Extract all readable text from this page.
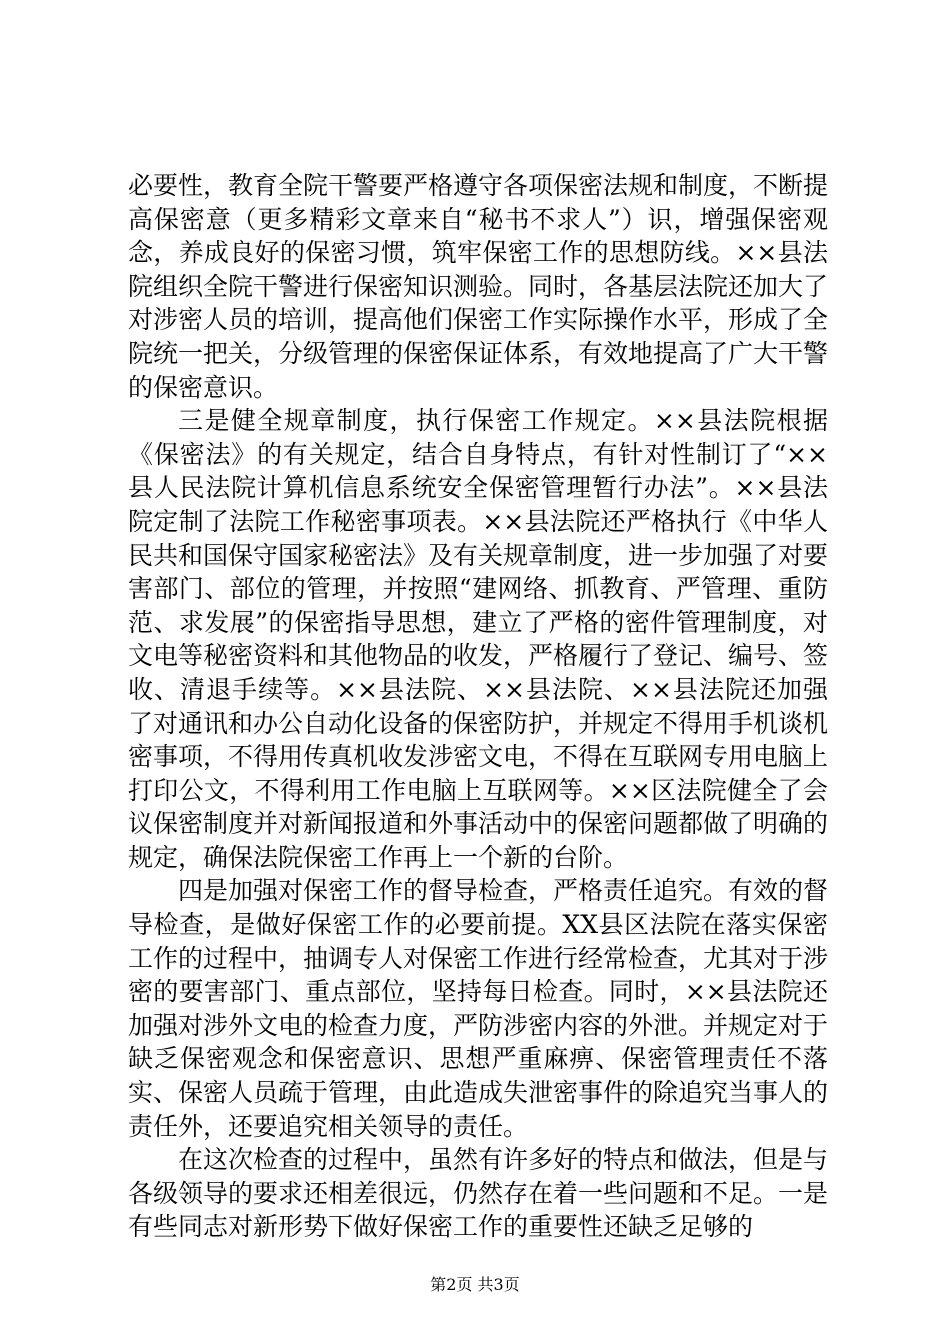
必要性，教育全院干警要严格遵守各项保密法规和制度，不断提高保密意（更多精彩文章来自“秘书不求人”）识，增强保密观念，养成良好的保密习惯，筑牢保密工作的思想防线。××县法院组织全院干警进行保密知识测验。同时，各基层法院还加大了对涉密人员的培训，提高他们保密工作实际操作水平，形成了全院统一把关，分级管理的保密保证体系，有效地提高了广大干警的保密意识。

三是健全规章制度，执行保密工作规定。××县法院根据《保密法》的有关规定，结合自身特点，有针对性制订了“××县人民法院计算机信息系统安全保密管理暂行办法”。××县法院定制了法院工作秘密事项表。××县法院还严格执行《中华人民共和国保守国家秘密法》及有关规章制度，进一步加强了对要害部门、部位的管理，并按照“建网络、抓教育、严管理、重防范、求发展”的保密指导思想，建立了严格的密件管理制度，对文电等秘密资料和其他物品的收发，严格履行了登记、编号、签收、清退手续等。××县法院、××县法院、××县法院还加强了对通讯和办公自动化设备的保密防护，并规定不得用手机谈机密事项，不得用传真机收发涉密文电，不得在互联网专用电脑上打印公文，不得利用工作电脑上互联网等。××区法院健全了会议保密制度并对新闻报道和外事活动中的保密问题都做了明确的规定，确保法院保密工作再上一个新的台阶。

四是加强对保密工作的督导检查，严格责任追究。有效的督导检查，是做好保密工作的必要前提。XX县区法院在落实保密工作的过程中，抽调专人对保密工作进行经常检查，尤其对于涉密的要害部门、重点部位，坚持每日检查。同时，××县法院还加强对涉外文电的检查力度，严防涉密内容的外泄。并规定对于缺乏保密观念和保密意识、思想严重麻痹、保密管理责任不落实、保密人员疏于管理，由此造成失泄密事件的除追究当事人的责任外，还要追究相关领导的责任。

在这次检查的过程中，虽然有许多好的特点和做法，但是与各级领导的要求还相差很远，仍然存在着一些问题和不足。一是有些同志对新形势下做好保密工作的重要性还缺乏足够的

第2页 共3页
